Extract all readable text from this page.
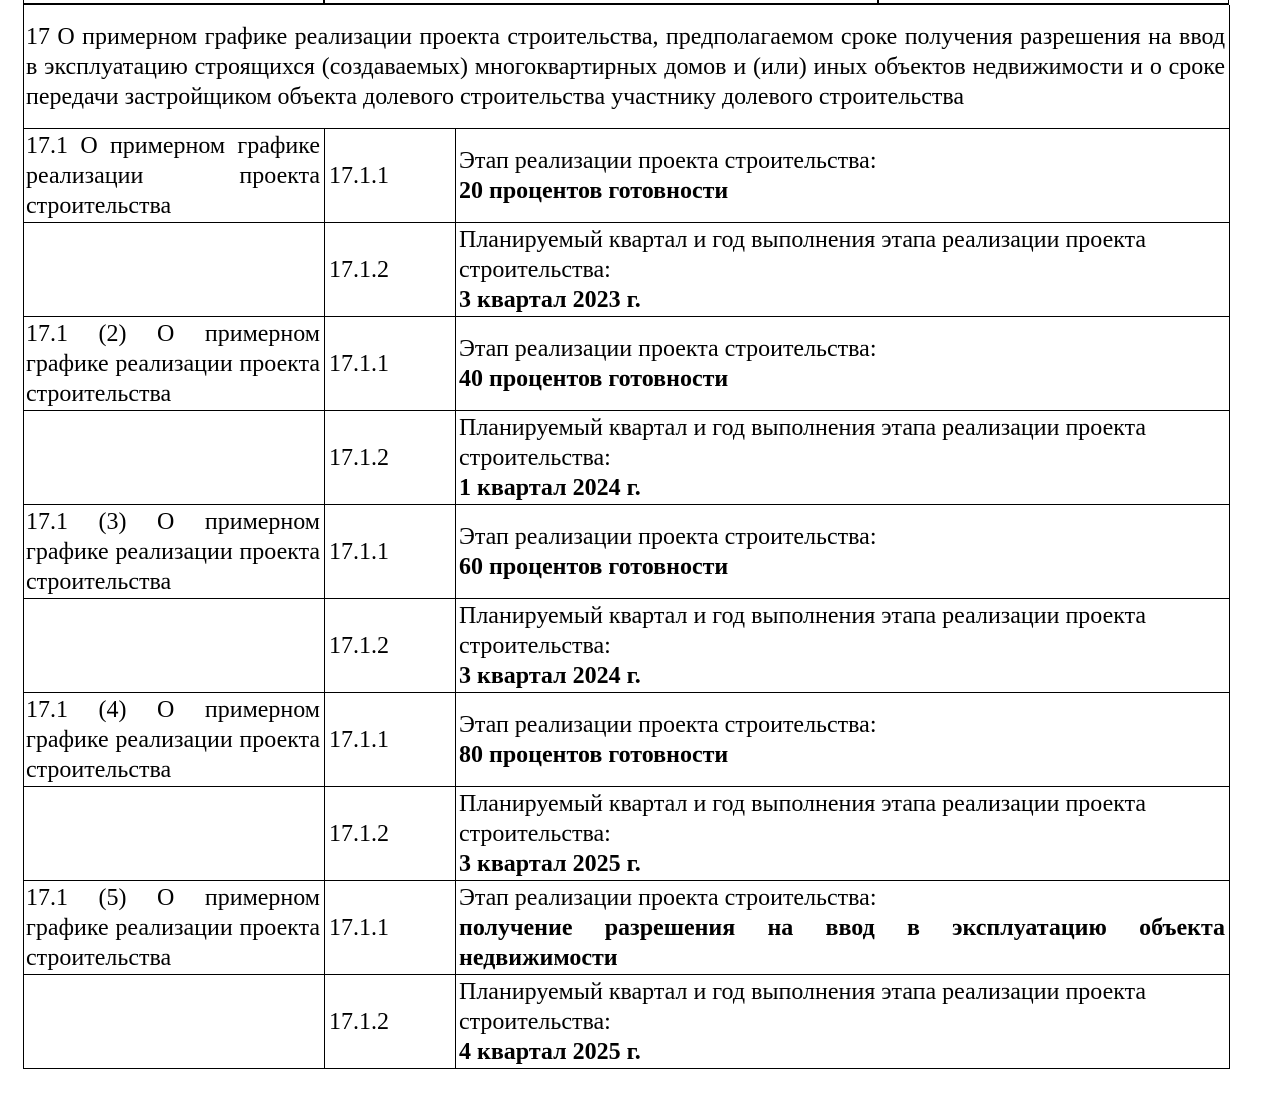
17 О примерном графике реализации проекта строительства, предполагаемом сроке получения разрешения на ввод в эксплуатацию строящихся (создаваемых) многоквартирных домов и (или) иных объектов недвижимости и о сроке передачи застройщиком объекта долевого строительства участнику долевого строительства		
17.1 О примерном графике реализации проекта строительства	17.1.1	Этап реализации проекта строительства:
20 процентов готовности

	17.1.2	Планируемый квартал и год выполнения этапа реализации проекта строительства:
3 квартал 2023 г.

17.1 (2) О примерном графике реализации проекта строительства	17.1.1	Этап реализации проекта строительства:
40 процентов готовности

	17.1.2	Планируемый квартал и год выполнения этапа реализации проекта строительства:
1 квартал 2024 г.

17.1 (3) О примерном графике реализации проекта строительства	17.1.1	Этап реализации проекта строительства:
60 процентов готовности

	17.1.2	Планируемый квартал и год выполнения этапа реализации проекта строительства:
3 квартал 2024 г.

17.1 (4) О примерном графике реализации проекта строительства	17.1.1	Этап реализации проекта строительства:
80 процентов готовности

	17.1.2	Планируемый квартал и год выполнения этапа реализации проекта строительства:
3 квартал 2025 г.

17.1 (5) О примерном графике реализации проекта строительства	17.1.1	Этап реализации проекта строительства:
получение разрешения на ввод в эксплуатацию объекта недвижимости

	17.1.2	Планируемый квартал и год выполнения этапа реализации проекта строительства:
4 квартал 2025 г.
